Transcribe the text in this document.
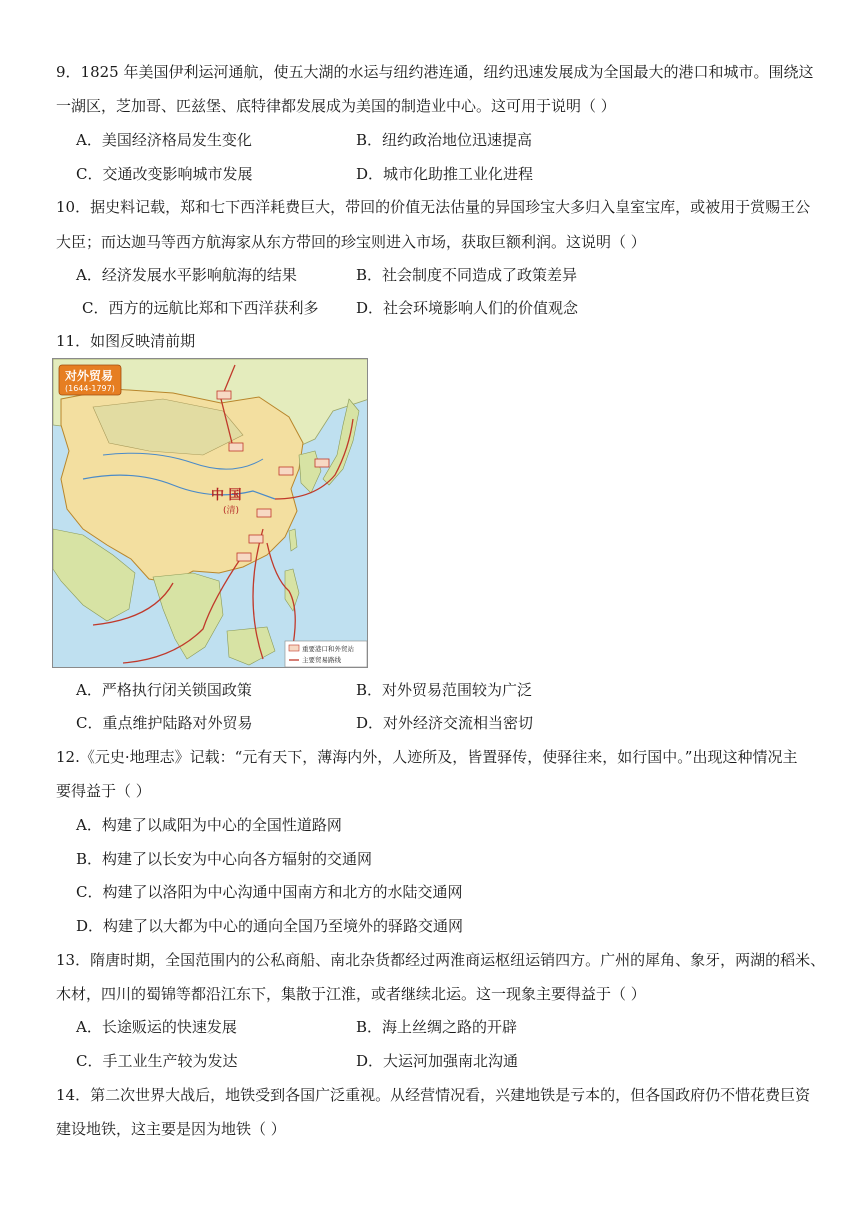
9．1825 年美国伊利运河通航，使五大湖的水运与纽约港连通，纽约迅速发展成为全国最大的港口和城市。围绕这
一湖区，芝加哥、匹兹堡、底特律都发展成为美国的制造业中心。这可用于说明（ ）
A．美国经济格局发生变化	B．纽约政治地位迅速提高
C．交通改变影响城市发展	D．城市化助推工业化进程
10．据史料记载，郑和七下西洋耗费巨大，带回的价值无法估量的异国珍宝大多归入皇室宝库，或被用于赏赐王公
大臣；而达迦马等西方航海家从东方带回的珍宝则进入市场，获取巨额利润。这说明（ ）
A．经济发展水平影响航海的结果	B．社会制度不同造成了政策差异
C．西方的远航比郑和下西洋获利多	D．社会环境影响人们的价值观念
11．如图反映清前期
中 国
(清)
对外贸易
(1644-1797)
重要港口和外贸站
主要贸易路线
A．严格执行闭关锁国政策	B．对外贸易范围较为广泛
C．重点维护陆路对外贸易	D．对外经济交流相当密切
12.《元史·地理志》记载：“元有天下，薄海内外，人迹所及，皆置驿传，使驿往来，如行国中。”出现这种情况主
要得益于（ ）
A．构建了以咸阳为中心的全国性道路网
B．构建了以长安为中心向各方辐射的交通网
C．构建了以洛阳为中心沟通中国南方和北方的水陆交通网
D．构建了以大都为中心的通向全国乃至境外的驿路交通网
13．隋唐时期，全国范围内的公私商船、南北杂货都经过两淮商运枢纽运销四方。广州的犀角、象牙，两湖的稻米、
木材，四川的蜀锦等都沿江东下，集散于江淮，或者继续北运。这一现象主要得益于（ ）
A．长途贩运的快速发展	B．海上丝绸之路的开辟
C．手工业生产较为发达	D．大运河加强南北沟通
14．第二次世界大战后，地铁受到各国广泛重视。从经营情况看，兴建地铁是亏本的，但各国政府仍不惜花费巨资
建设地铁，这主要是因为地铁（ ）
